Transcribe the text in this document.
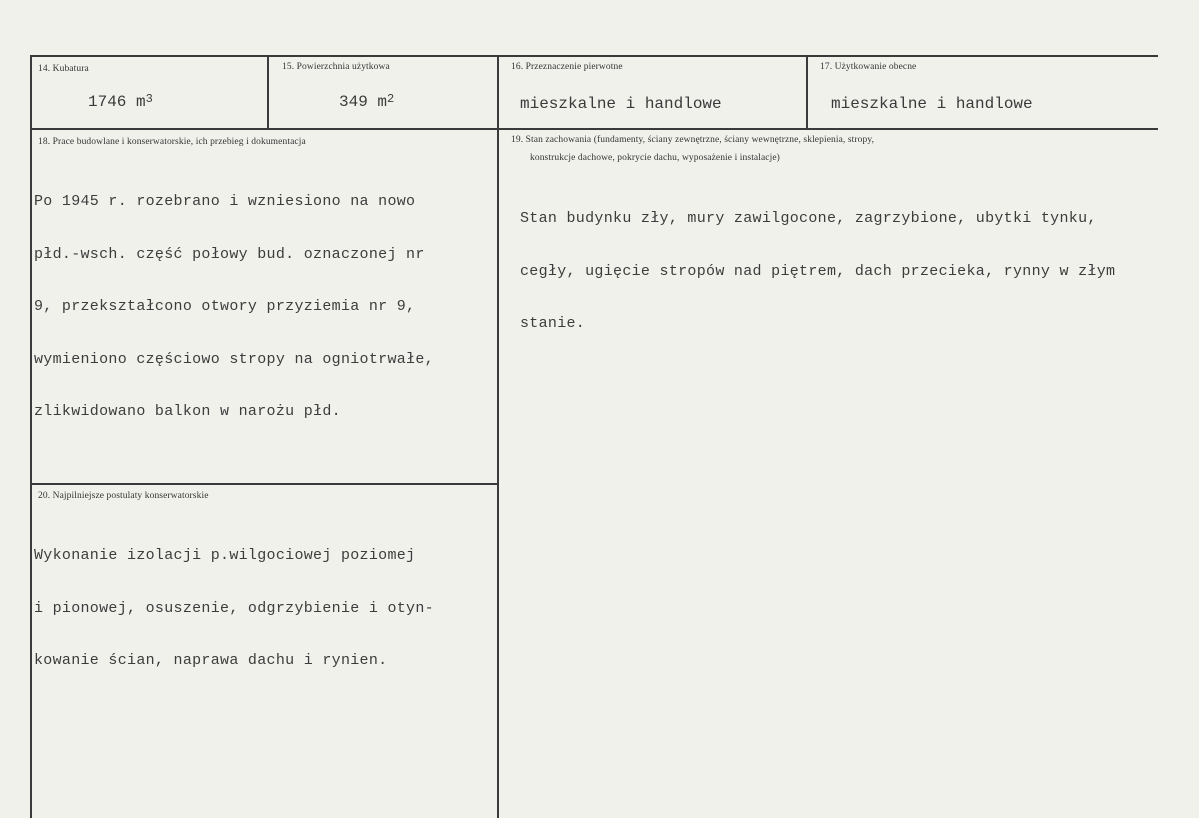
14. Kubatura	15. Powierzchnia użytkowa	16. Przeznaczenie pierwotne	17. Użytkowanie obecne
1746 $m^3$	349 $m^2$	mieszkalne i handlowe	mieszkalne i handlowe
18. Prace budowlane i konserwatorskie, ich przebieg i dokumentacja

Po 1945 r. rozebrano i wzniesiono na nowo

płd.-wsch. część połowy bud. oznaczonej nr

9, przekształcono otwory przyziemia nr 9,

wymieniono częściowo stropy na ogniotrwałe,

zlikwidowano balkon w narożu płd.

19. Stan zachowania (fundamenty, ściany zewnętrzne, ściany wewnętrzne, sklepienia, stropy,
konstrukcje dachowe, pokrycie dachu, wyposażenie i instalacje)

Stan budynku zły, mury zawilgocone, zagrzybione, ubytki tynku,

cegły, ugięcie stropów nad piętrem, dach przecieka, rynny w złym

stanie.

20. Najpilniejsze postulaty konserwatorskie

Wykonanie izolacji p.wilgociowej poziomej

i pionowej, osuszenie, odgrzybienie i otyn-

kowanie ścian, naprawa dachu i rynien.
